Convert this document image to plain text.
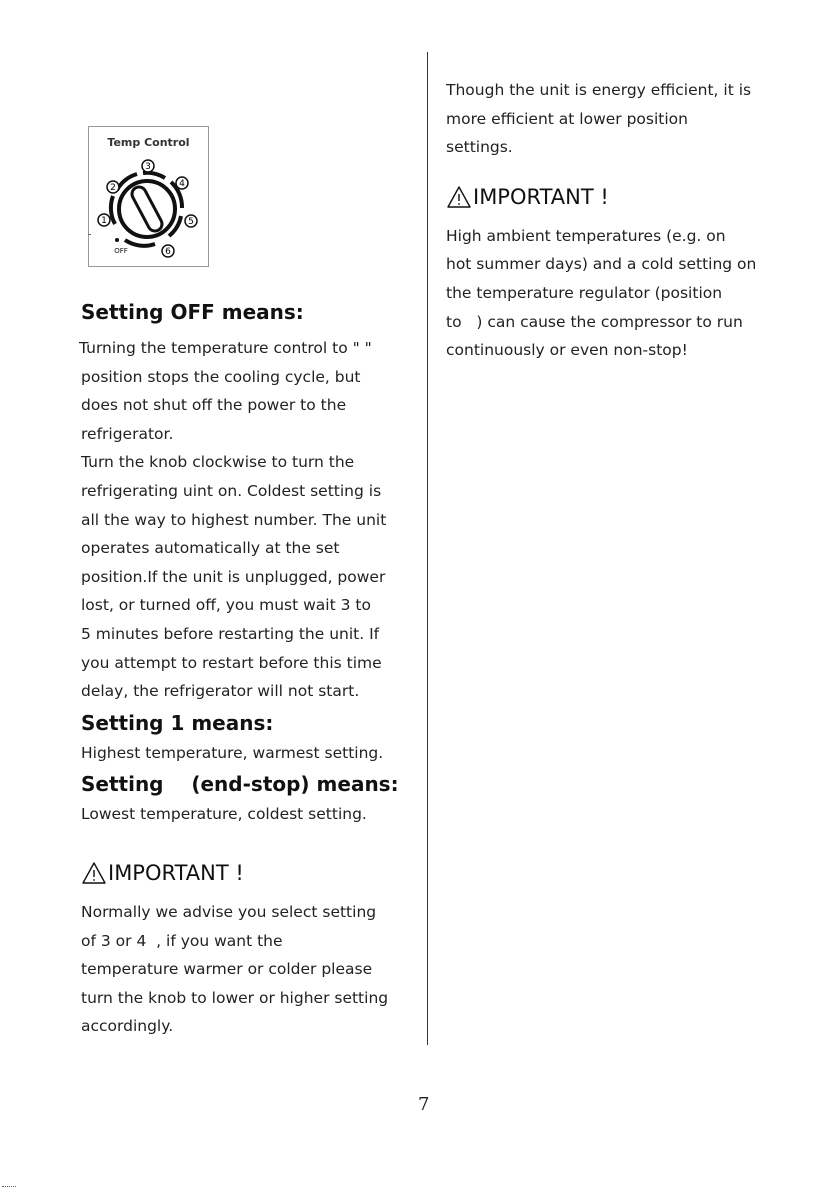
Temp Control
1
2
3
4
5
6
OFF

Setting OFF means:

Turning the temperature control to " "

position stops the cooling cycle, but

does not shut off the power to the

refrigerator.

Turn the knob clockwise to turn the

refrigerating uint on. Coldest setting is

all the way to highest number. The unit

operates automatically at the set

position.If the unit is unplugged, power

lost, or turned off, you must wait 3 to

5 minutes before restarting the unit. If

you attempt to restart before this time

delay, the refrigerator will not start.

Setting 1 means:

Highest temperature, warmest setting.

Setting    (end-stop) means:

Lowest temperature, coldest setting.

IMPORTANT !

Normally we advise you select setting

of 3 or 4  , if you want the

temperature warmer or colder please

turn the knob to lower or higher setting

accordingly.

Though the unit is energy efficient, it is

more efficient at lower position

settings.

IMPORTANT !

High ambient temperatures (e.g. on

hot summer days) and a cold setting on

the temperature regulator (position

to   ) can cause the compressor to run

continuously or even non-stop!

7
